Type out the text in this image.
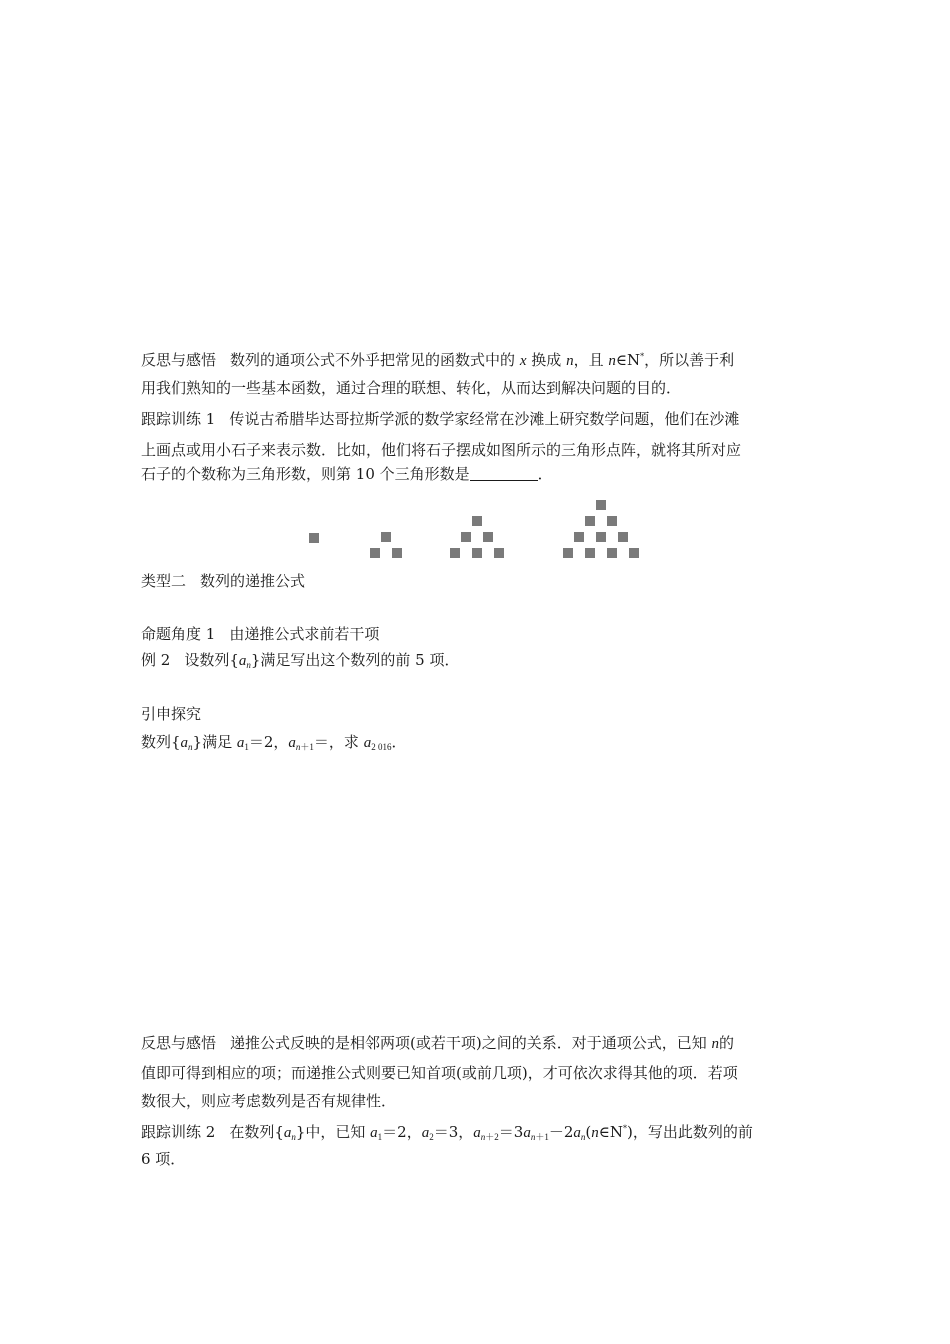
反思与感悟 数列的通项公式不外乎把常见的函数式中的 x 换成 n，且 n∈N*，所以善于利
用我们熟知的一些基本函数，通过合理的联想、转化，从而达到解决问题的目的．
跟踪训练 1 传说古希腊毕达哥拉斯学派的数学家经常在沙滩上研究数学问题，他们在沙滩
上画点或用小石子来表示数．比如，他们将石子摆成如图所示的三角形点阵，就将其所对应
石子的个数称为三角形数，则第 10 个三角形数是	．
类型二 数列的递推公式
命题角度 1 由递推公式求前若干项
例 2 设数列$\{a_n\}$满足写出这个数列的前 5 项．
引申探究
数列$\{a_n\}$满足 $a_1=2$，$a_{n+1}=$，求 $a_{2 016}$．
反思与感悟 递推公式反映的是相邻两项(或若干项)之间的关系．对于通项公式，已知 n的
值即可得到相应的项；而递推公式则要已知首项(或前几项)，才可依次求得其他的项．若项
数很大，则应考虑数列是否有规律性．
跟踪训练 2 在数列$\{a_n\}$中，已知 $a_1=2$，$a_2=3$，$a_{n+2}=3a_{n+1}-2a_n(n\in N^*)$，写出此数列的前
6 项．
